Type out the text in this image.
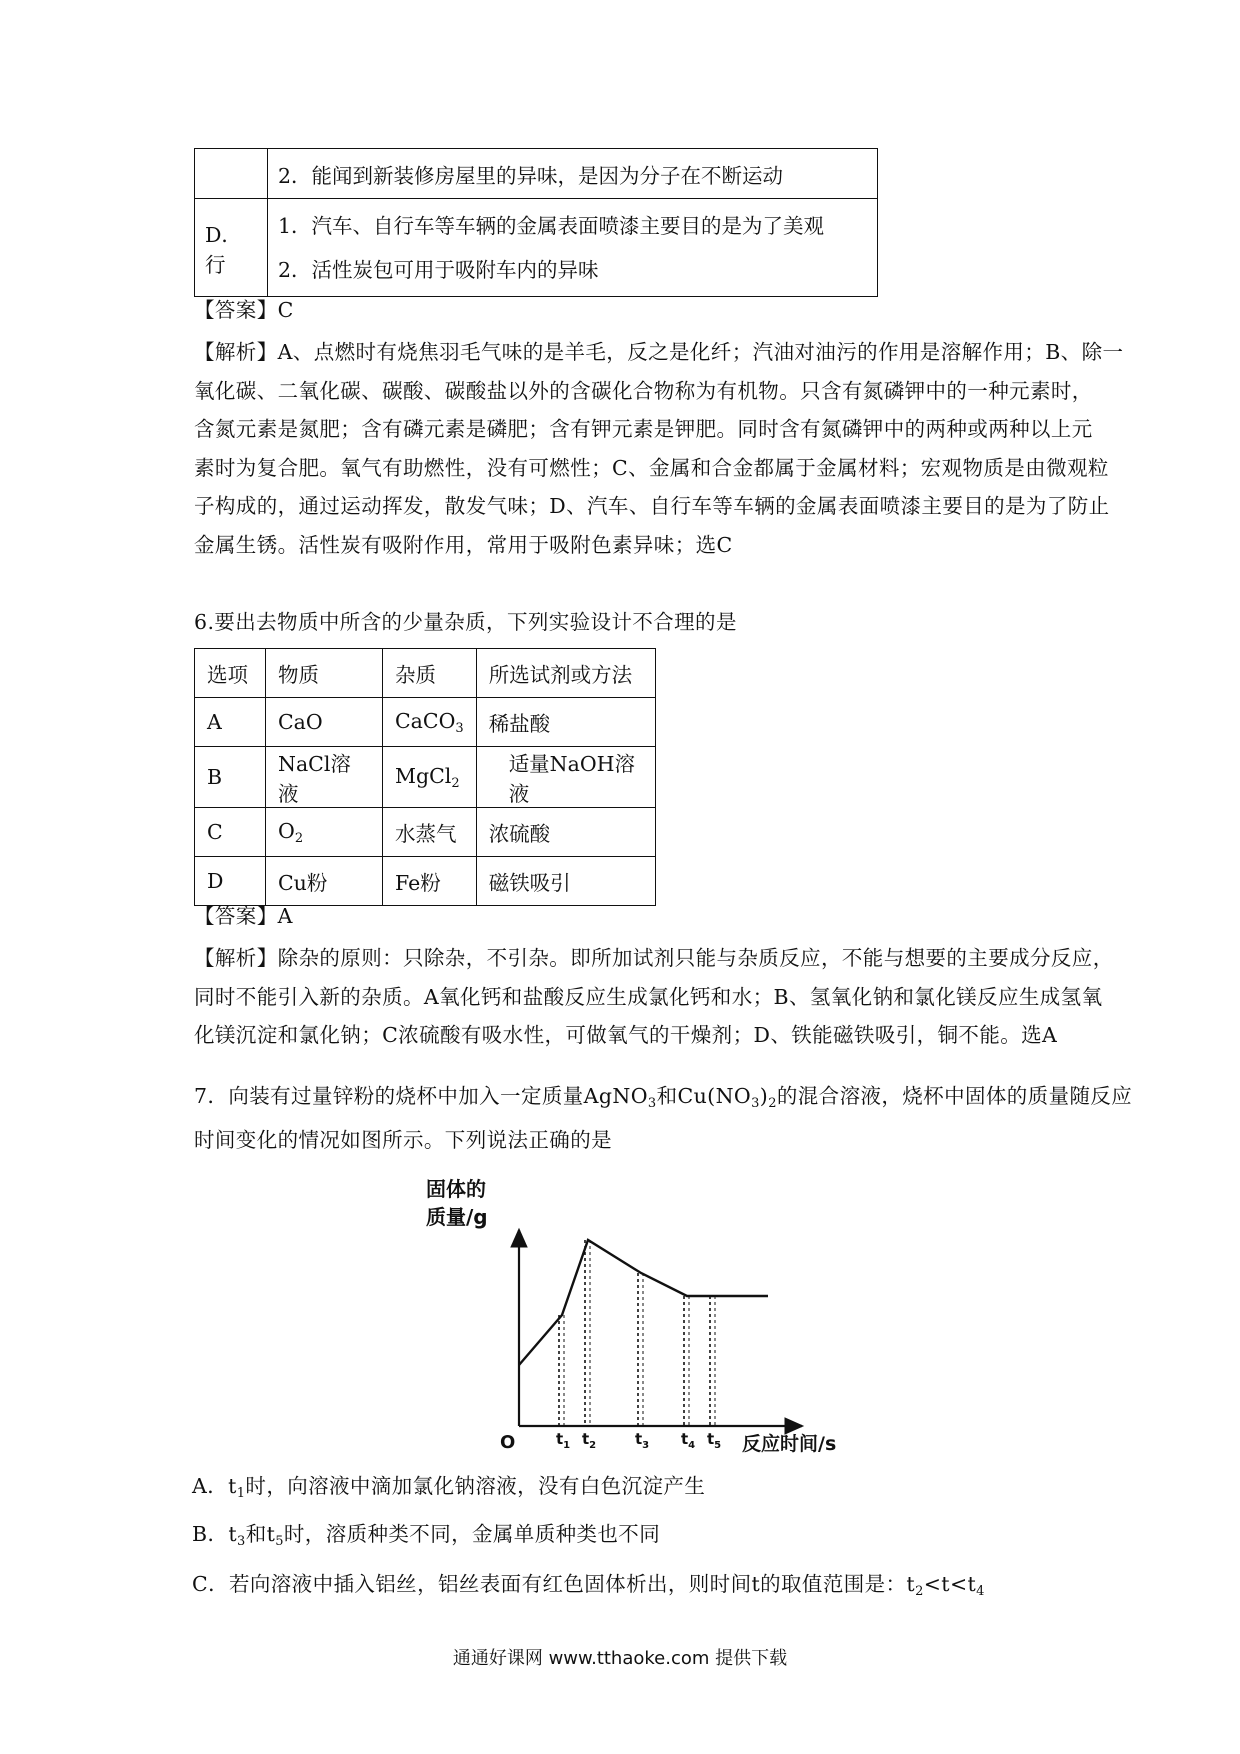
	2．能闻到新装修房屋里的异味，是因为分子在不断运动
D．行	1．汽车、自行车等车辆的金属表面喷漆主要目的是为了美观
2．活性炭包可用于吸附车内的异味
【答案】C
【解析】A、点燃时有烧焦羽毛气味的是羊毛，反之是化纤；汽油对油污的作用是溶解作用；B、除一
氧化碳、二氧化碳、碳酸、碳酸盐以外的含碳化合物称为有机物。只含有氮磷钾中的一种元素时，
含氮元素是氮肥；含有磷元素是磷肥；含有钾元素是钾肥。同时含有氮磷钾中的两种或两种以上元
素时为复合肥。氧气有助燃性，没有可燃性；C、金属和合金都属于金属材料；宏观物质是由微观粒
子构成的，通过运动挥发，散发气味；D、汽车、自行车等车辆的金属表面喷漆主要目的是为了防止
金属生锈。活性炭有吸附作用，常用于吸附色素异味；选C
6.要出去物质中所含的少量杂质，下列实验设计不合理的是
选项	物质	杂质	所选试剂或方法
A	CaO	CaCO$_3$	稀盐酸
B	NaCl溶液	MgCl$_2$	适量NaOH溶液
C	$O_2$	水蒸气	浓硫酸
D	Cu粉	Fe粉	磁铁吸引
【答案】A
【解析】除杂的原则：只除杂，不引杂。即所加试剂只能与杂质反应，不能与想要的主要成分反应，
同时不能引入新的杂质。A氧化钙和盐酸反应生成氯化钙和水；B、氢氧化钠和氯化镁反应生成氢氧
化镁沉淀和氯化钠；C浓硫酸有吸水性，可做氧气的干燥剂；D、铁能磁铁吸引，铜不能。选A
7．向装有过量锌粉的烧杯中加入一定质量AgNO$_3$和$Cu(NO_3)_2$的混合溶液，烧杯中固体的质量随反应
时间变化的情况如图所示。下列说法正确的是
固体的
质量/g
O	$t_1$ $t_2$	$t_3$ $t_4$ $t_5$ 反应时间/s
A．$t_1$时，向溶液中滴加氯化钠溶液，没有白色沉淀产生
B．$t_3$和$t_5$时，溶质种类不同，金属单质种类也不同
C．若向溶液中插入铝丝，铝丝表面有红色固体析出，则时间t的取值范围是：$t_2<t<t_4$
通通好课网 www.tthaoke.com 提供下载
